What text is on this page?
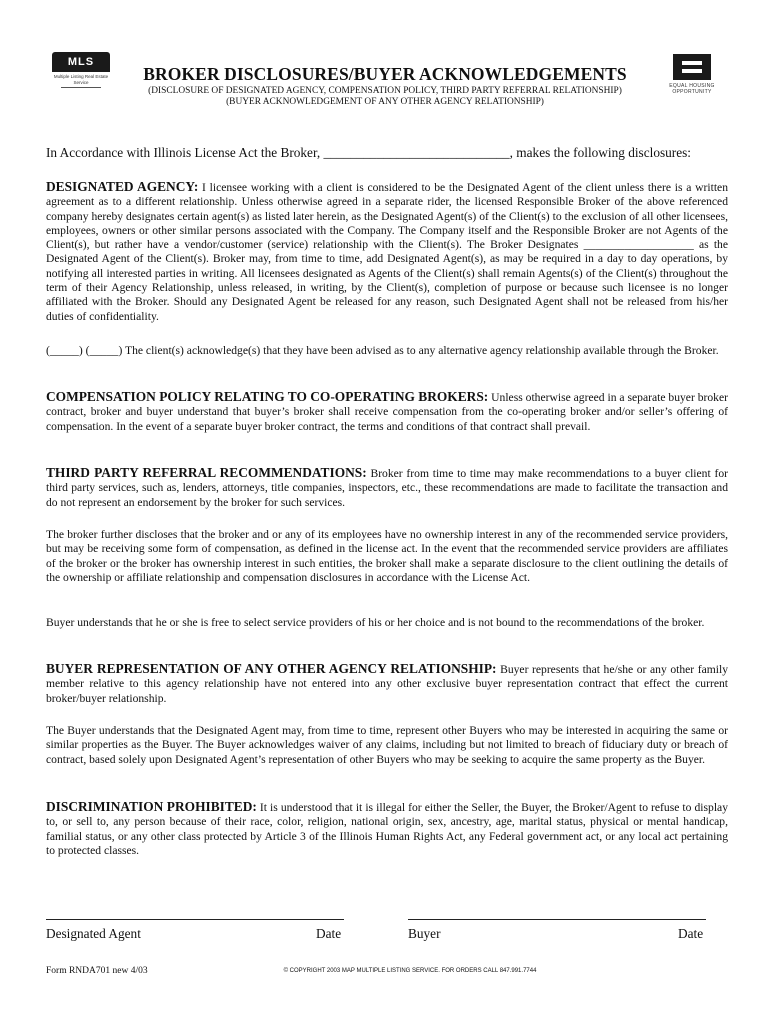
MLS
Multiple Listing Real Estate Service
EQUAL HOUSING OPPORTUNITY
BROKER DISCLOSURES/BUYER ACKNOWLEDGEMENTS
(DISCLOSURE OF DESIGNATED AGENCY, COMPENSATION POLICY, THIRD PARTY REFERRAL RELATIONSHIP)
(BUYER ACKNOWLEDGEMENT OF ANY OTHER AGENCY RELATIONSHIP)
In Accordance with Illinois License Act the Broker, ____________________________, makes the following disclosures:
DESIGNATED AGENCY: I licensee working with a client is considered to be the Designated Agent of the client unless there is a written agreement as to a different relationship. Unless otherwise agreed in a separate rider, the licensed Responsible Broker of the above referenced company hereby designates certain agent(s) as listed later herein, as the Designated Agent(s) of the Client(s) to the exclusion of all other licensees, employees, owners or other similar persons associated with the Company. The Company itself and the Responsible Broker are not Agents of the Client(s), but rather have a vendor/customer (service) relationship with the Client(s). The Broker Designates ___________________ as the Designated Agent of the Client(s). Broker may, from time to time, add Designated Agent(s), as may be required in a day to day operations, by notifying all interested parties in writing. All licensees designated as Agents of the Client(s) shall remain Agents(s) of the Client(s) throughout the term of their Agency Relationship, unless released, in writing, by the Client(s), completion of purpose or because such licensee is no longer affiliated with the Broker. Should any Designated Agent be released for any reason, such Designated Agent shall not be released from his/her duties of confidentiality.
(_____) (_____) The client(s) acknowledge(s) that they have been advised as to any alternative agency relationship available through the Broker.
COMPENSATION POLICY RELATING TO CO-OPERATING BROKERS: Unless otherwise agreed in a separate buyer broker contract, broker and buyer understand that buyer’s broker shall receive compensation from the co-operating broker and/or seller’s offering of compensation. In the event of a separate buyer broker contract, the terms and conditions of that contract shall prevail.
THIRD PARTY REFERRAL RECOMMENDATIONS: Broker from time to time may make recommendations to a buyer client for third party services, such as, lenders, attorneys, title companies, inspectors, etc., these recommendations are made to facilitate the transaction and do not represent an endorsement by the broker for such services.
The broker further discloses that the broker and or any of its employees have no ownership interest in any of the recommended service providers, but may be receiving some form of compensation, as defined in the license act. In the event that the recommended service providers are affiliates of the broker or the broker has ownership interest in such entities, the broker shall make a separate disclosure to the client outlining the details of the ownership or affiliate relationship and compensation disclosures in accordance with the License Act.
Buyer understands that he or she is free to select service providers of his or her choice and is not bound to the recommendations of the broker.
BUYER REPRESENTATION OF ANY OTHER AGENCY RELATIONSHIP: Buyer represents that he/she or any other family member relative to this agency relationship have not entered into any other exclusive buyer representation contract that effect the current broker/buyer relationship.
The Buyer understands that the Designated Agent may, from time to time, represent other Buyers who may be interested in acquiring the same or similar properties as the Buyer. The Buyer acknowledges waiver of any claims, including but not limited to breach of fiduciary duty or breach of contract, based solely upon Designated Agent’s representation of other Buyers who may be seeking to acquire the same property as the Buyer.
DISCRIMINATION PROHIBITED: It is understood that it is illegal for either the Seller, the Buyer, the Broker/Agent to refuse to display to, or sell to, any person because of their race, color, religion, national origin, sex, ancestry, age, marital status, physical or mental handicap, familial status, or any other class protected by Article 3 of the Illinois Human Rights Act, any Federal government act, or any local act pertaining to protected classes.
Designated Agent	Date	Buyer	Date
Form RNDA701 new 4/03	© COPYRIGHT 2003 MAP MULTIPLE LISTING SERVICE. FOR ORDERS CALL 847.991.7744
